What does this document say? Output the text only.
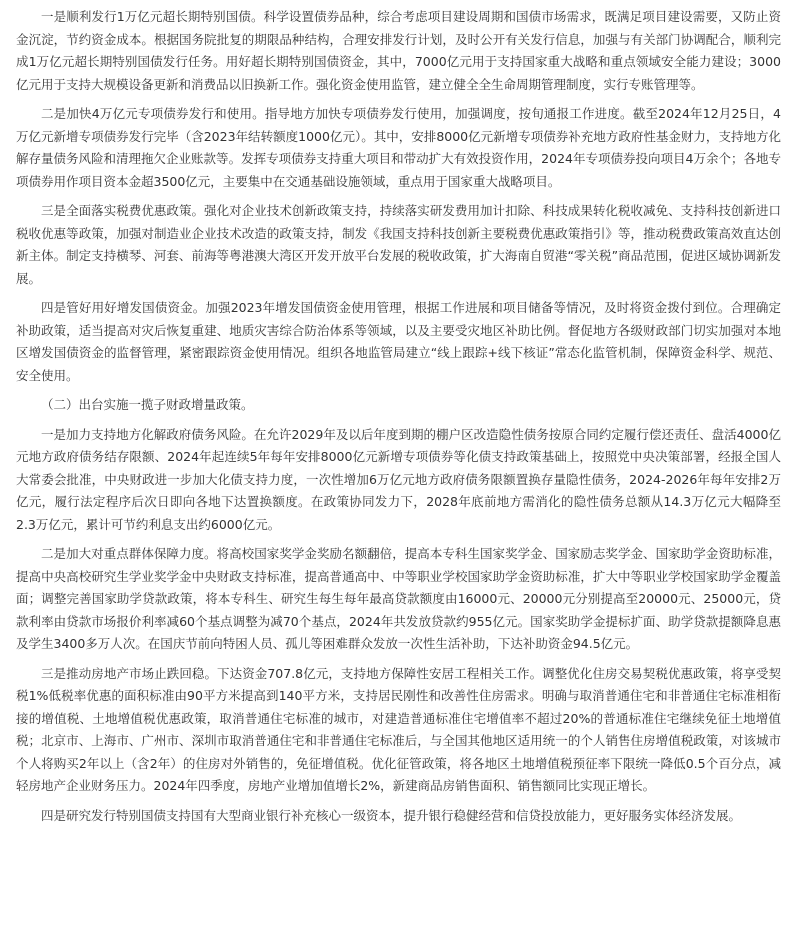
一是顺利发行1万亿元超长期特别国债。科学设置债券品种，综合考虑项目建设周期和国债市场需求，既满足项目建设需要，又防止资金沉淀，节约资金成本。根据国务院批复的期限品种结构，合理安排发行计划，及时公开有关发行信息，加强与有关部门协调配合，顺利完成1万亿元超长期特别国债发行任务。用好超长期特别国债资金，其中，7000亿元用于支持国家重大战略和重点领域安全能力建设；3000亿元用于支持大规模设备更新和消费品以旧换新工作。强化资金使用监管，建立健全全生命周期管理制度，实行专账管理等。

二是加快4万亿元专项债券发行和使用。指导地方加快专项债券发行使用，加强调度，按旬通报工作进度。截至2024年12月25日，4万亿元新增专项债券发行完毕（含2023年结转额度1000亿元）。其中，安排8000亿元新增专项债券补充地方政府性基金财力，支持地方化解存量债务风险和清理拖欠企业账款等。发挥专项债券支持重大项目和带动扩大有效投资作用，2024年专项债券投向项目4万余个；各地专项债券用作项目资本金超3500亿元，主要集中在交通基础设施领域，重点用于国家重大战略项目。

三是全面落实税费优惠政策。强化对企业技术创新政策支持，持续落实研发费用加计扣除、科技成果转化税收减免、支持科技创新进口税收优惠等政策，加强对制造业企业技术改造的政策支持，制发《我国支持科技创新主要税费优惠政策指引》等，推动税费政策高效直达创新主体。制定支持横琴、河套、前海等粤港澳大湾区开发开放平台发展的税收政策，扩大海南自贸港“零关税”商品范围，促进区域协调新发展。

四是管好用好增发国债资金。加强2023年增发国债资金使用管理，根据工作进展和项目储备等情况，及时将资金拨付到位。合理确定补助政策，适当提高对灾后恢复重建、地质灾害综合防治体系等领域，以及主要受灾地区补助比例。督促地方各级财政部门切实加强对本地区增发国债资金的监督管理，紧密跟踪资金使用情况。组织各地监管局建立“线上跟踪+线下核证”常态化监管机制，保障资金科学、规范、安全使用。

（二）出台实施一揽子财政增量政策。

一是加力支持地方化解政府债务风险。在允许2029年及以后年度到期的棚户区改造隐性债务按原合同约定履行偿还责任、盘活4000亿元地方政府债务结存限额、2024年起连续5年每年安排8000亿元新增专项债券等化债支持政策基础上，按照党中央决策部署，经报全国人大常委会批准，中央财政进一步加大化债支持力度，一次性增加6万亿元地方政府债务限额置换存量隐性债务，2024-2026年每年安排2万亿元，履行法定程序后次日即向各地下达置换额度。在政策协同发力下，2028年底前地方需消化的隐性债务总额从14.3万亿元大幅降至2.3万亿元，累计可节约利息支出约6000亿元。

二是加大对重点群体保障力度。将高校国家奖学金奖励名额翻倍，提高本专科生国家奖学金、国家励志奖学金、国家助学金资助标准，提高中央高校研究生学业奖学金中央财政支持标准，提高普通高中、中等职业学校国家助学金资助标准，扩大中等职业学校国家助学金覆盖面；调整完善国家助学贷款政策，将本专科生、研究生每生每年最高贷款额度由16000元、20000元分别提高至20000元、25000元，贷款利率由贷款市场报价利率减60个基点调整为减70个基点，2024年共发放贷款约955亿元。国家奖助学金提标扩面、助学贷款提额降息惠及学生3400多万人次。在国庆节前向特困人员、孤儿等困难群众发放一次性生活补助，下达补助资金94.5亿元。

三是推动房地产市场止跌回稳。下达资金707.8亿元，支持地方保障性安居工程相关工作。调整优化住房交易契税优惠政策，将享受契税1%低税率优惠的面积标准由90平方米提高到140平方米，支持居民刚性和改善性住房需求。明确与取消普通住宅和非普通住宅标准相衔接的增值税、土地增值税优惠政策，取消普通住宅标准的城市，对建造普通标准住宅增值率不超过20%的普通标准住宅继续免征土地增值税；北京市、上海市、广州市、深圳市取消普通住宅和非普通住宅标准后，与全国其他地区适用统一的个人销售住房增值税政策，对该城市个人将购买2年以上（含2年）的住房对外销售的，免征增值税。优化征管政策，将各地区土地增值税预征率下限统一降低0.5个百分点，减轻房地产企业财务压力。2024年四季度，房地产业增加值增长2%，新建商品房销售面积、销售额同比实现正增长。

四是研究发行特别国债支持国有大型商业银行补充核心一级资本，提升银行稳健经营和信贷投放能力，更好服务实体经济发展。
